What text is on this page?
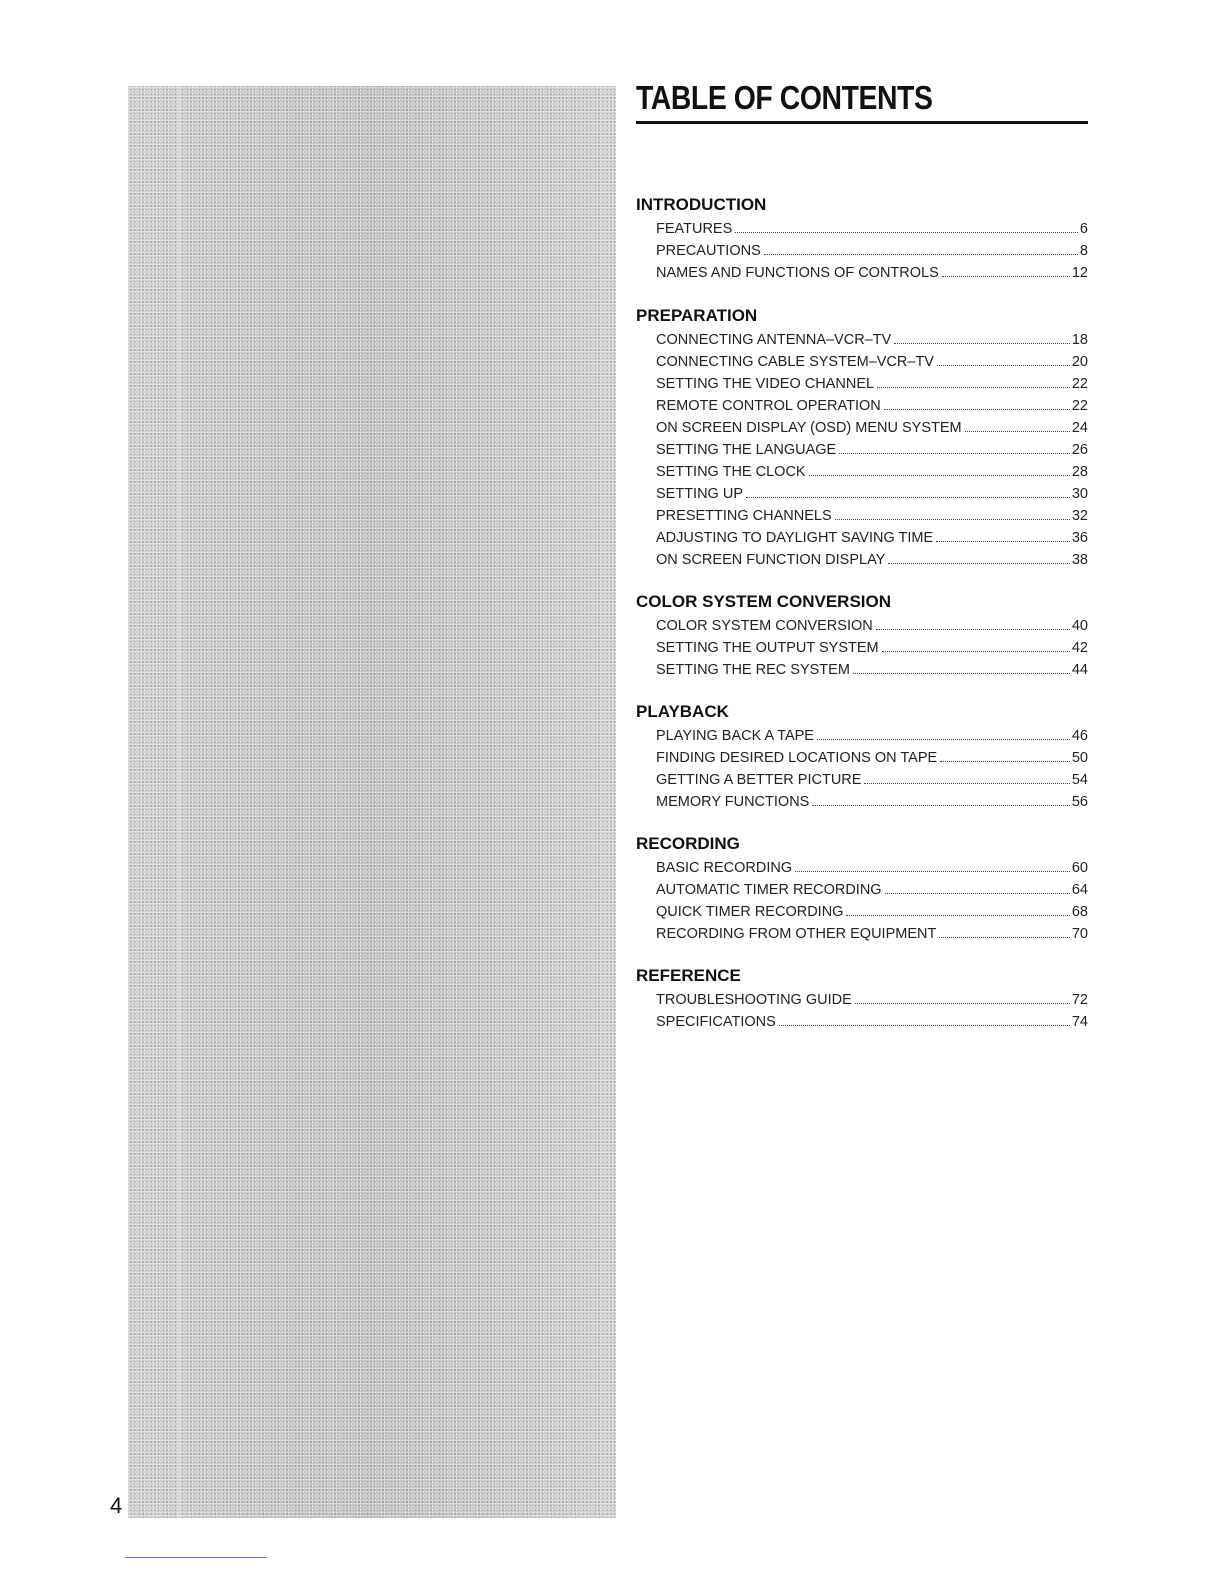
4
TABLE OF CONTENTS
INTRODUCTION
FEATURES	6
PRECAUTIONS	8
NAMES AND FUNCTIONS OF CONTROLS	12
PREPARATION
CONNECTING ANTENNA–VCR–TV	18
CONNECTING CABLE SYSTEM–VCR–TV	20
SETTING THE VIDEO CHANNEL	22
REMOTE CONTROL OPERATION	22
ON SCREEN DISPLAY (OSD) MENU SYSTEM	24
SETTING THE LANGUAGE	26
SETTING THE CLOCK	28
SETTING UP	30
PRESETTING CHANNELS	32
ADJUSTING TO DAYLIGHT SAVING TIME	36
ON SCREEN FUNCTION DISPLAY	38
COLOR SYSTEM CONVERSION
COLOR SYSTEM CONVERSION	40
SETTING THE OUTPUT SYSTEM	42
SETTING THE REC SYSTEM	44
PLAYBACK
PLAYING BACK A TAPE	46
FINDING DESIRED LOCATIONS ON TAPE	50
GETTING A BETTER PICTURE	54
MEMORY FUNCTIONS	56
RECORDING
BASIC RECORDING	60
AUTOMATIC TIMER RECORDING	64
QUICK TIMER RECORDING	68
RECORDING FROM OTHER EQUIPMENT	70
REFERENCE
TROUBLESHOOTING GUIDE	72
SPECIFICATIONS	74
